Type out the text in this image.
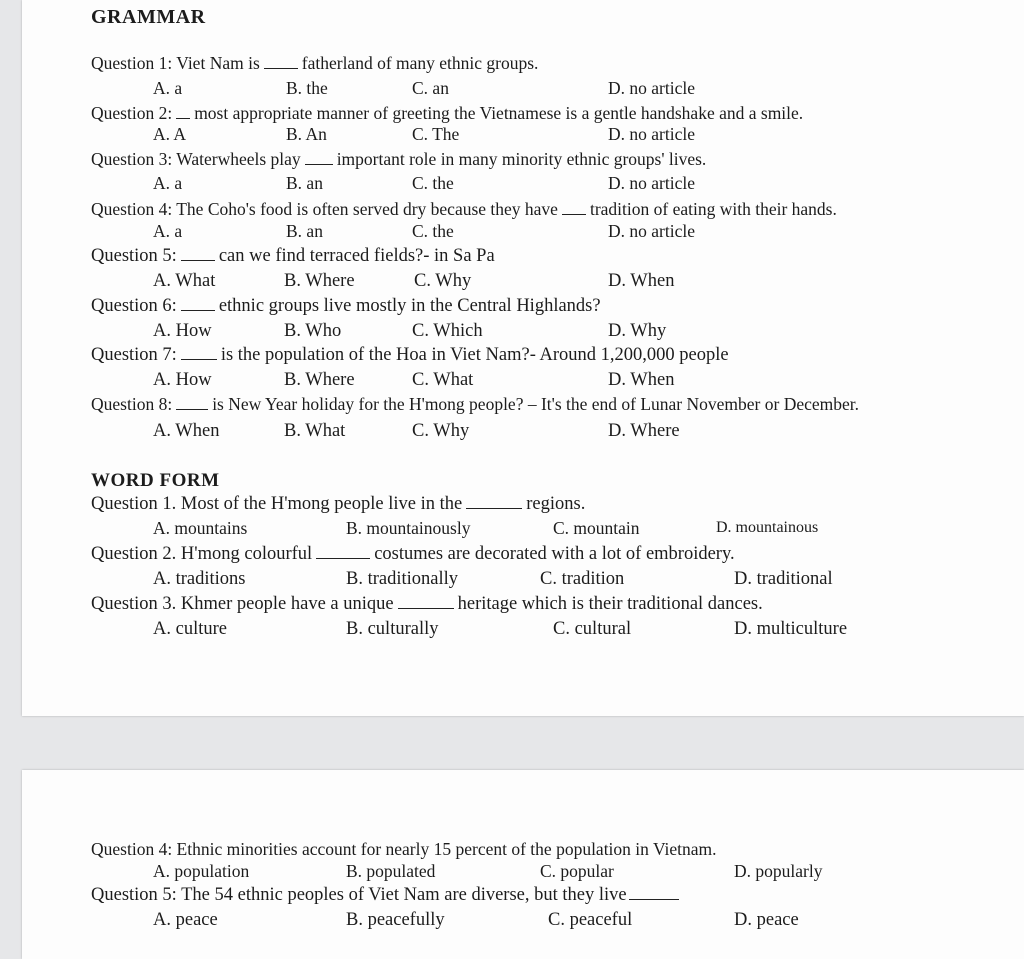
GRAMMAR
Question 1: Viet Nam is fatherland of many ethnic groups.
A. a	B. the	C. an	D. no article
Question 2: most appropriate manner of greeting the Vietnamese is a gentle handshake and a smile.
A. A	B. An	C. The	D. no article
Question 3: Waterwheels play important role in many minority ethnic groups' lives.
A. a	B. an	C. the	D. no article
Question 4: The Coho's food is often served dry because they have tradition of eating with their hands.
A. a	B. an	C. the	D. no article
Question 5: can we find terraced fields?- in Sa Pa
A. What	B. Where	C. Why	D. When
Question 6: ethnic groups live mostly in the Central Highlands?
A. How	B. Who	C. Which	D. Why
Question 7: is the population of the Hoa in Viet Nam?- Around 1,200,000 people
A. How	B. Where	C. What	D. When
Question 8: is New Year holiday for the H'mong people? – It's the end of Lunar November or December.
A. When	B. What	C. Why	D. Where
WORD FORM
Question 1. Most of the H'mong people live in the	regions.
A. mountains	B. mountainously	C. mountain	D. mountainous
Question 2. H'mong colourful	costumes are decorated with a lot of embroidery.
A. traditions	B. traditionally	C. tradition	D. traditional
Question 3. Khmer people have a unique	heritage which is their traditional dances.
A. culture	B. culturally	C. cultural	D. multiculture
Question 4: Ethnic minorities account for nearly 15 percent of the population in Vietnam.
A. population	B. populated	C. popular	D. popularly
Question 5: The 54 ethnic peoples of Viet Nam are diverse, but they live
A. peace	B. peacefully	C. peaceful	D. peace
